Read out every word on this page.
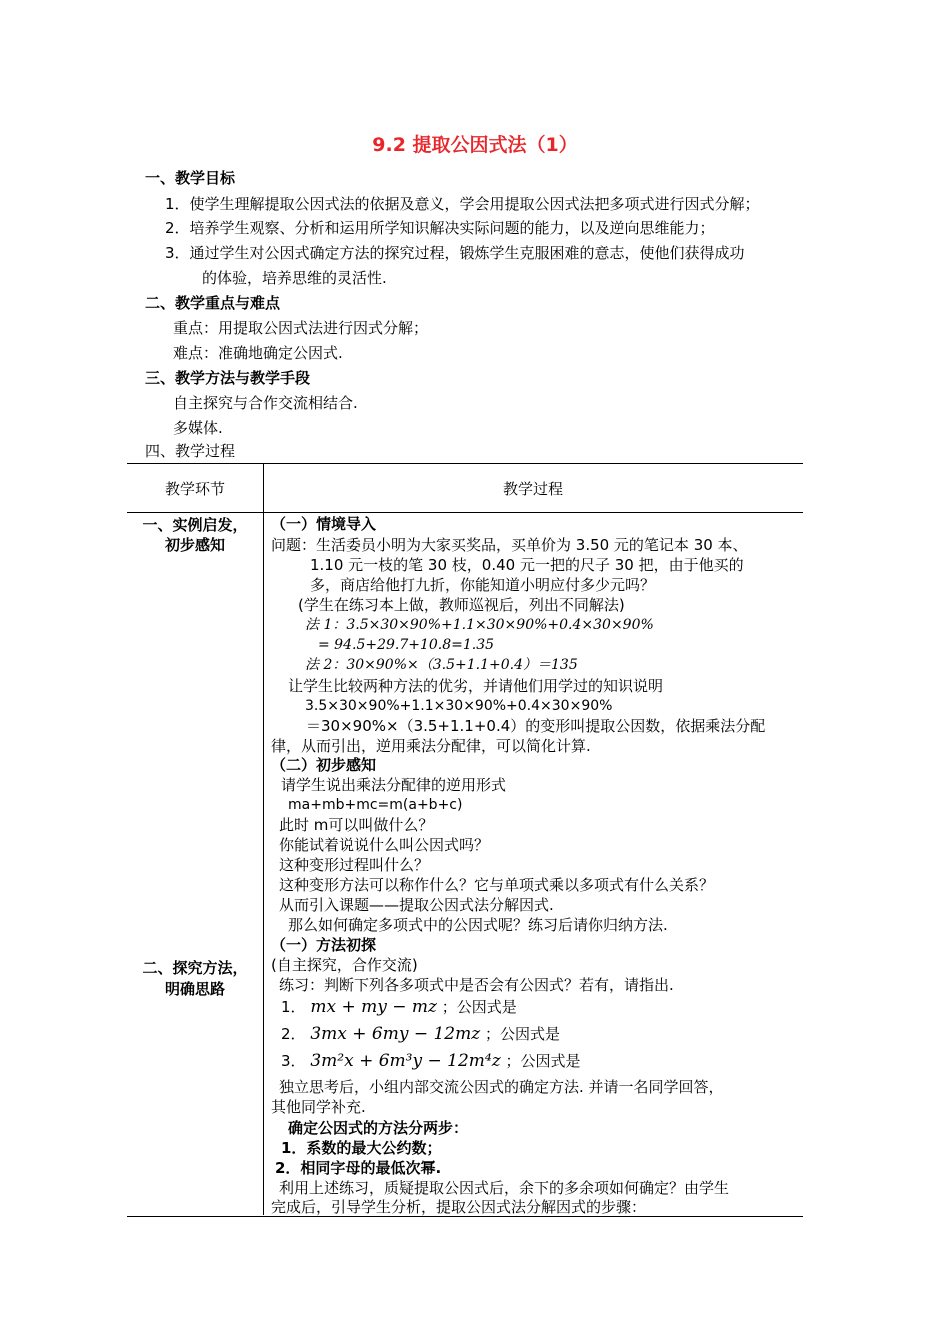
9.2 提取公因式法（1）
一、教学目标
1．使学生理解提取公因式法的依据及意义，学会用提取公因式法把多项式进行因式分解；
2．培养学生观察、分析和运用所学知识解决实际问题的能力，以及逆向思维能力；
3．通过学生对公因式确定方法的探究过程，锻炼学生克服困难的意志，使他们获得成功
的体验，培养思维的灵活性.
二、教学重点与难点
重点：用提取公因式法进行因式分解；
难点：准确地确定公因式.
三、教学方法与教学手段
自主探究与合作交流相结合.
多媒体.
四、教学过程
教学环节	教学过程
一、实例启发，
初步感知
二、探究方法，
明确思路
（一）情境导入
问题：生活委员小明为大家买奖品，买单价为 3.50 元的笔记本 30 本、
1.10 元一枝的笔 30 枝，0.40 元一把的尺子 30 把，由于他买的
多，商店给他打九折，你能知道小明应付多少元吗？
(学生在练习本上做，教师巡视后，列出不同解法)
法 1：3.5×30×90%+1.1×30×90%+0.4×30×90%
= 94.5+29.7+10.8=1.35
法 2：30×90%×（3.5+1.1+0.4）＝135
让学生比较两种方法的优劣，并请他们用学过的知识说明
3.5×30×90%+1.1×30×90%+0.4×30×90%
＝30×90%×（3.5+1.1+0.4）的变形叫提取公因数，依据乘法分配
律，从而引出，逆用乘法分配律，可以简化计算.
（二）初步感知
请学生说出乘法分配律的逆用形式
ma+mb+mc=m(a+b+c)
此时 m可以叫做什么？
你能试着说说什么叫公因式吗？
这种变形过程叫什么？
这种变形方法可以称作什么？它与单项式乘以多项式有什么关系？
从而引入课题——提取公因式法分解因式.
那么如何确定多项式中的公因式呢？练习后请你归纳方法.
（一）方法初探
(自主探究，合作交流)
练习：判断下列各多项式中是否会有公因式？若有，请指出.
1． mx + my − mz ；公因式是
2． 3mx + 6my − 12mz ；公因式是
3． 3m²x + 6m³y − 12m⁴z ；公因式是
独立思考后，小组内部交流公因式的确定方法. 并请一名同学回答，
其他同学补充.
确定公因式的方法分两步：
1．系数的最大公约数；
2．相同字母的最低次幂.
利用上述练习，质疑提取公因式后，余下的多余项如何确定？由学生
完成后，引导学生分析，提取公因式法分解因式的步骤：
